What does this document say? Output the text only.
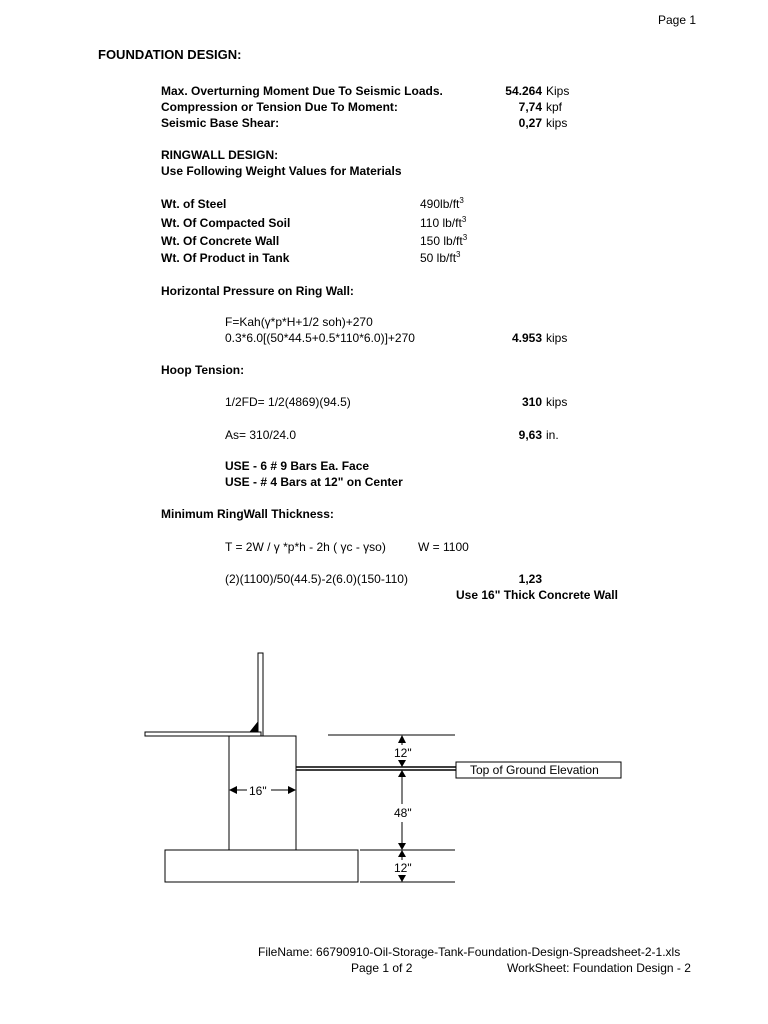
Page 1
FOUNDATION DESIGN:
Max. Overturning Moment Due To Seismic Loads.	54.264 Kips
Compression or Tension Due To Moment:	7,74 kpf
Seismic Base Shear:	0,27 kips
RINGWALL DESIGN:
Use Following Weight Values for Materials
Wt. of Steel	$490lb/ft^3$
Wt. Of Compacted Soil	110 $lb/ft^3$
Wt. Of Concrete Wall	150 $lb/ft^3$
Wt. Of Product in Tank	50 $lb/ft^3$
Horizontal Pressure on Ring Wall:
F=Kah(γ*p*H+1/2 soh)+270
0.3*6.0[(50*44.5+0.5*110*6.0)]+270	4.953 kips
Hoop Tension:
1/2FD= 1/2(4869)(94.5)	310 kips
As= 310/24.0	9,63 in.
USE - 6 # 9 Bars Ea. Face
USE - # 4 Bars at 12" on Center
Minimum RingWall Thickness:
T = 2W / γ *p*h - 2h ( γc - γso)	W = 1100
(2)(1100)/50(44.5)-2(6.0)(150-110)	1,23
Use 16" Thick Concrete Wall
12"
48"
12"
16"
Top of Ground Elevation
FileName: 66790910-Oil-Storage-Tank-Foundation-Design-Spreadsheet-2-1.xls
Page 1 of 2	WorkSheet: Foundation Design - 2
